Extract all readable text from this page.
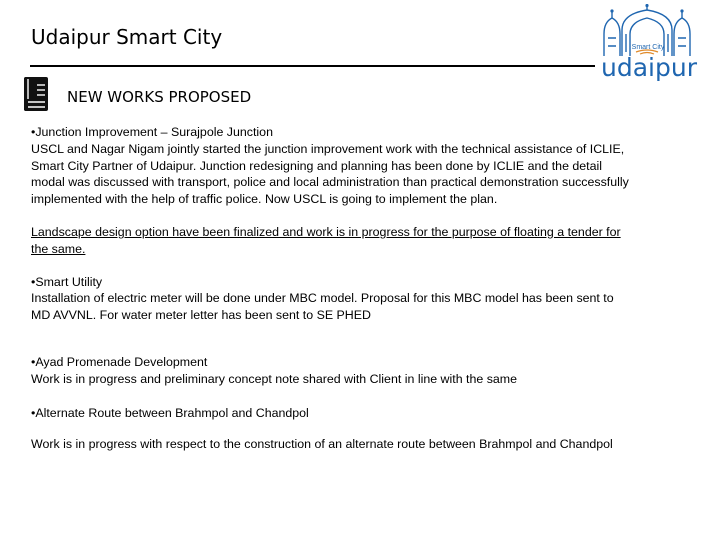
Udaipur Smart City	Smart City
udaipur
NEW WORKS PROPOSED
•Junction Improvement – Surajpole Junction
USCL and Nagar Nigam jointly started the junction improvement work with the technical assistance of ICLIE, Smart City Partner of Udaipur. Junction redesigning and planning has been done by ICLIE and the detail modal was discussed with transport, police and local administration than practical demonstration successfully implemented with the help of traffic police. Now USCL is going to implement the plan.
Landscape design option have been finalized and work is in progress for the purpose of floating a tender for the same.
•Smart Utility
Installation of electric meter will be done under MBC model. Proposal for this MBC model has been sent to MD AVVNL. For water meter letter has been sent to SE PHED
•Ayad Promenade Development
Work is in progress and preliminary concept note shared with Client in line with the same
•Alternate Route between Brahmpol and Chandpol
Work is in progress with respect to the construction of an alternate route between Brahmpol and Chandpol
